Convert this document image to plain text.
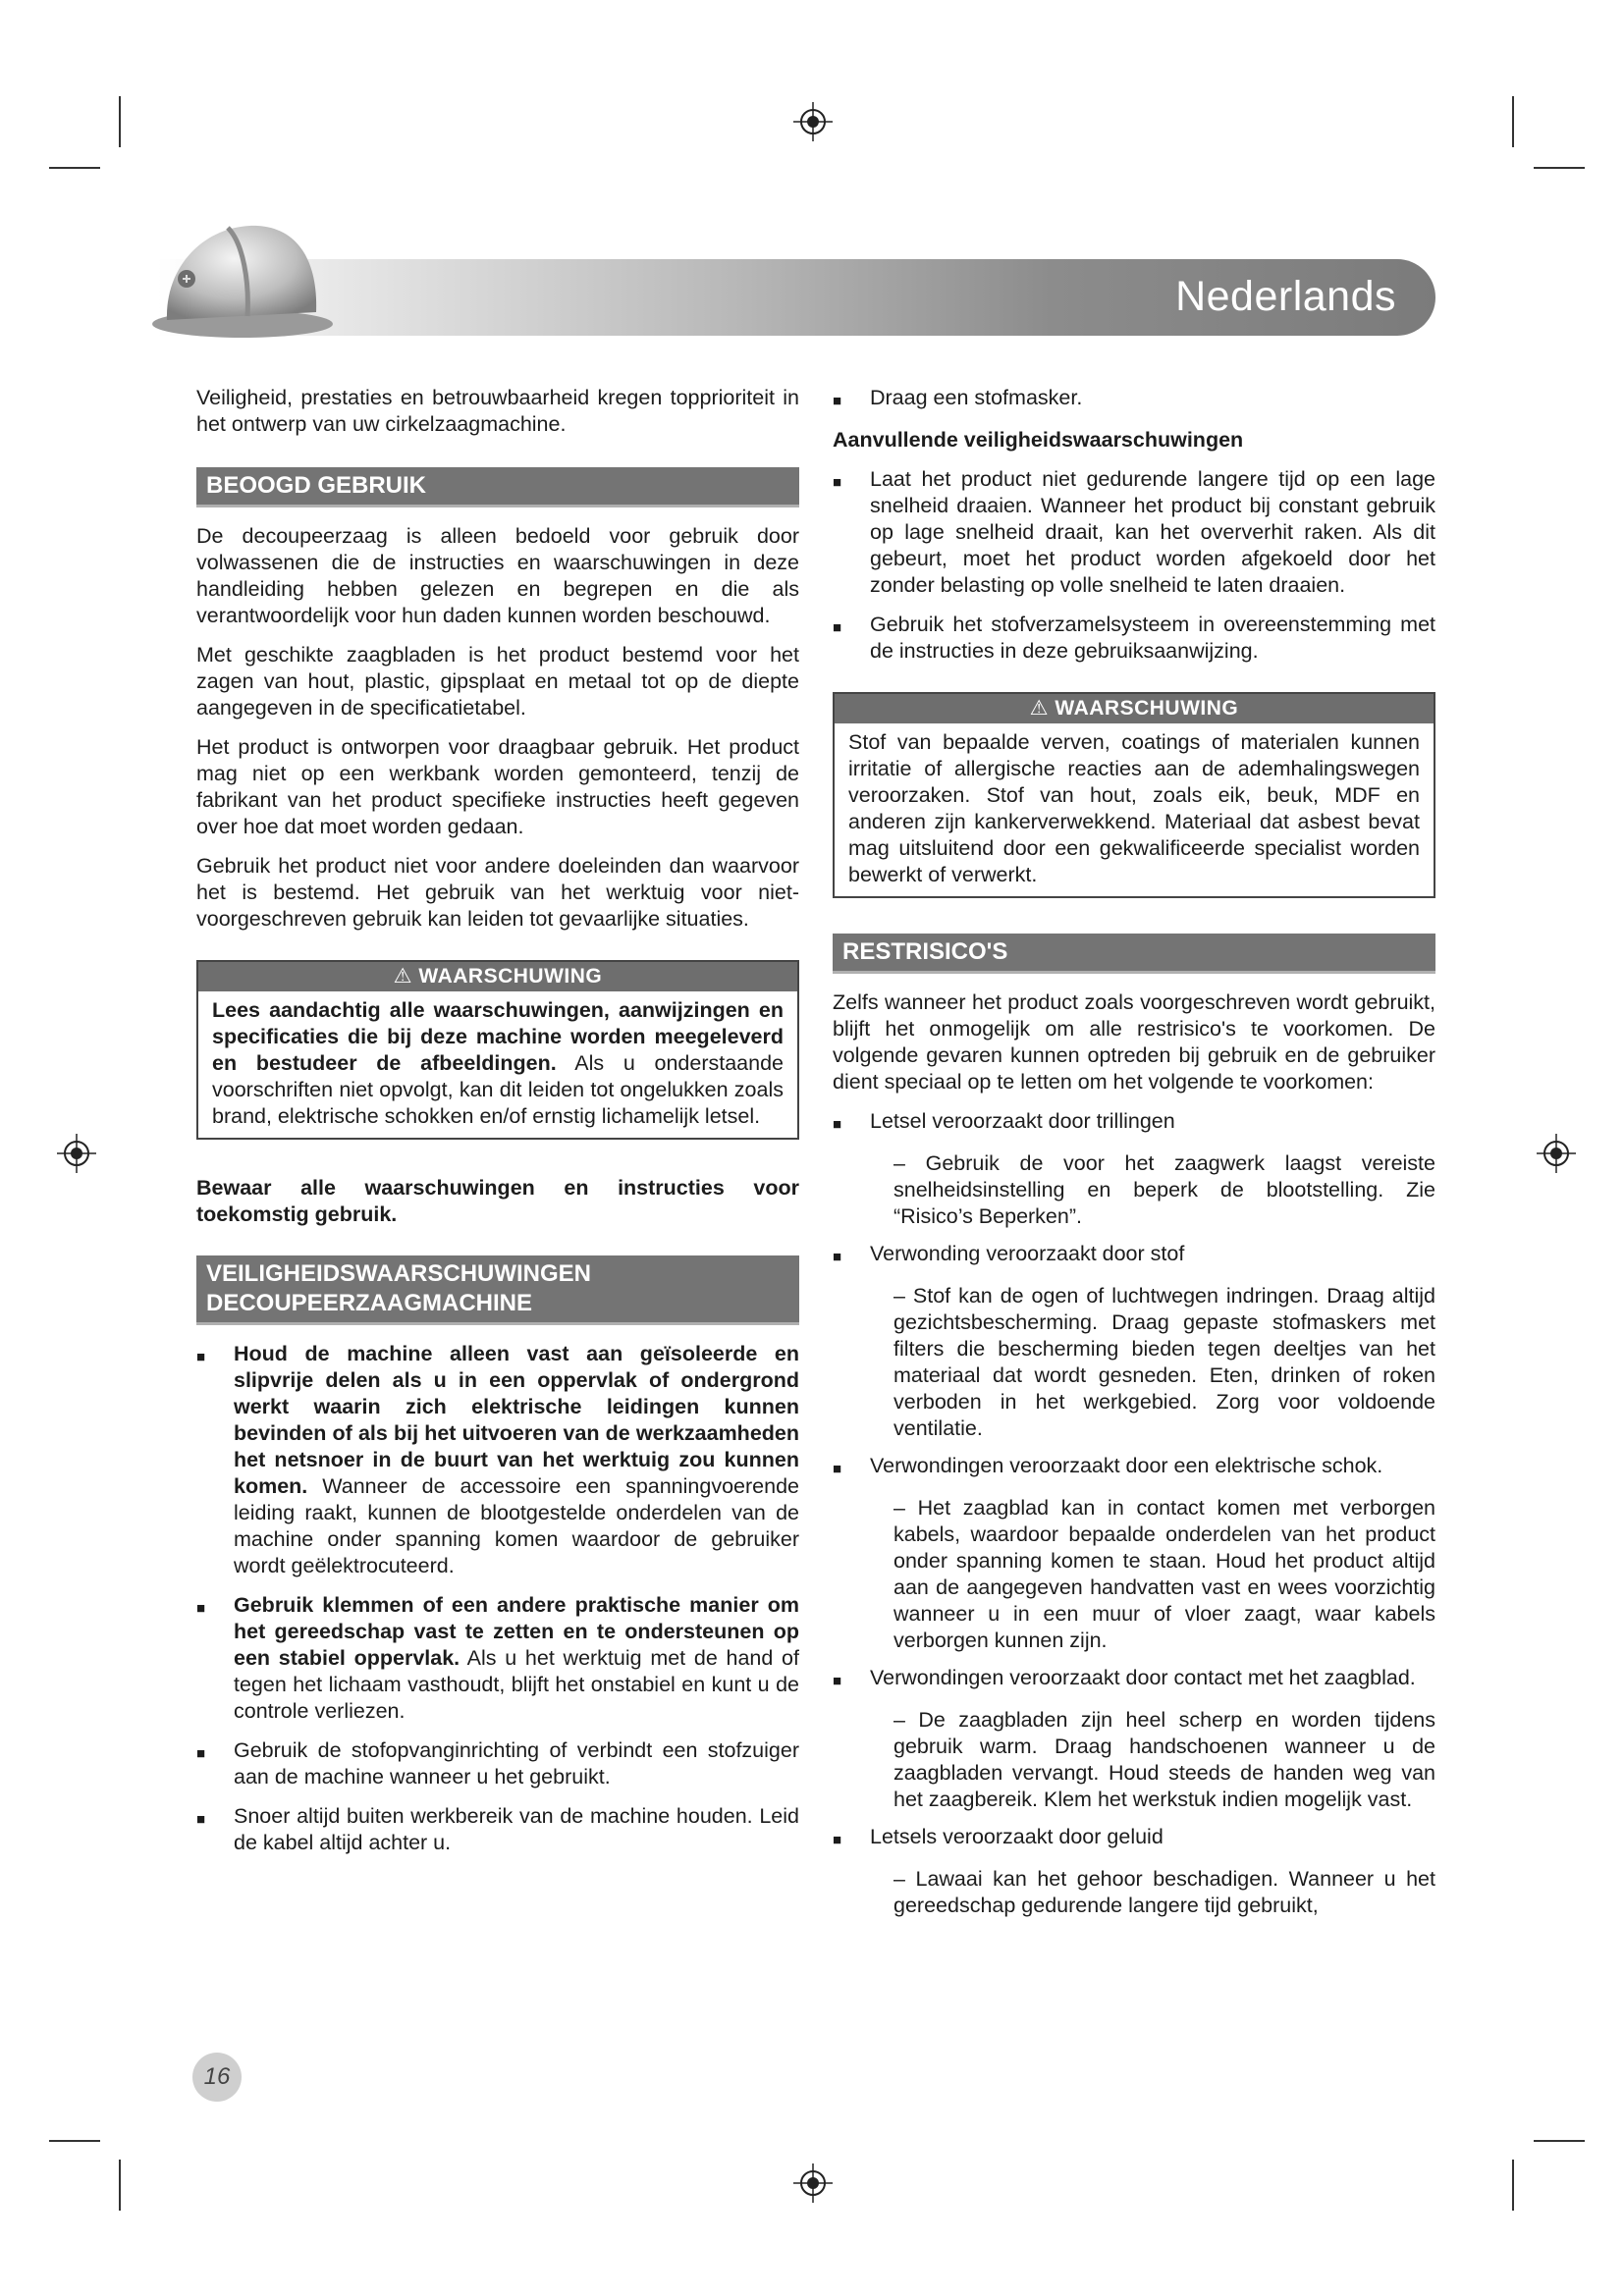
Nederlands

Veiligheid, prestaties en betrouwbaarheid kregen topprioriteit in het ontwerp van uw cirkelzaagmachine.

BEOOGD GEBRUIK

De decoupeerzaag is alleen bedoeld voor gebruik door volwassenen die de instructies en waarschuwingen in deze handleiding hebben gelezen en begrepen en die als verantwoordelijk voor hun daden kunnen worden beschouwd.

Met geschikte zaagbladen is het product bestemd voor het zagen van hout, plastic, gipsplaat en metaal tot op de diepte aangegeven in de specificatietabel.

Het product is ontworpen voor draagbaar gebruik. Het product mag niet op een werkbank worden gemonteerd, tenzij de fabrikant van het product specifieke instructies heeft gegeven over hoe dat moet worden gedaan.

Gebruik het product niet voor andere doeleinden dan waarvoor het is bestemd. Het gebruik van het werktuig voor niet-voorgeschreven gebruik kan leiden tot gevaarlijke situaties.

⚠ WAARSCHUWING
Lees aandachtig alle waarschuwingen, aanwijzingen en specificaties die bij deze machine worden meegeleverd en bestudeer de afbeeldingen. Als u onderstaande voorschriften niet opvolgt, kan dit leiden tot ongelukken zoals brand, elektrische schokken en/of ernstig lichamelijk letsel.

Bewaar alle waarschuwingen en instructies voor toekomstig gebruik.

VEILIGHEIDSWAARSCHUWINGEN DECOUPEERZAAGMACHINE
■	Houd de machine alleen vast aan geïsoleerde en slipvrije delen als u in een oppervlak of ondergrond werkt waarin zich elektrische leidingen kunnen bevinden of als bij het uitvoeren van de werkzaamheden het netsnoer in de buurt van het werktuig zou kunnen komen. Wanneer de accessoire een spanningvoerende leiding raakt, kunnen de blootgestelde onderdelen van de machine onder spanning komen waardoor de gebruiker wordt geëlektrocuteerd.
■	Gebruik klemmen of een andere praktische manier om het gereedschap vast te zetten en te ondersteunen op een stabiel oppervlak. Als u het werktuig met de hand of tegen het lichaam vasthoudt, blijft het onstabiel en kunt u de controle verliezen.
■	Gebruik de stofopvanginrichting of verbindt een stofzuiger aan de machine wanneer u het gebruikt.
■	Snoer altijd buiten werkbereik van de machine houden. Leid de kabel altijd achter u.
■	Draag een stofmasker.

Aanvullende veiligheidswaarschuwingen

■	Laat het product niet gedurende langere tijd op een lage snelheid draaien. Wanneer het product bij constant gebruik op lage snelheid draait, kan het oververhit raken. Als dit gebeurt, moet het product worden afgekoeld door het zonder belasting op volle snelheid te laten draaien.
■	Gebruik het stofverzamelsysteem in overeenstemming met de instructies in deze gebruiksaanwijzing.
⚠ WAARSCHUWING
Stof van bepaalde verven, coatings of materialen kunnen irritatie of allergische reacties aan de ademhalingswegen veroorzaken. Stof van hout, zoals eik, beuk, MDF en anderen zijn kankerverwekkend. Materiaal dat asbest bevat mag uitsluitend door een gekwalificeerde specialist worden bewerkt of verwerkt.
RESTRISICO'S

Zelfs wanneer het product zoals voorgeschreven wordt gebruikt, blijft het onmogelijk om alle restrisico's te voorkomen. De volgende gevaren kunnen optreden bij gebruik en de gebruiker dient speciaal op te letten om het volgende te voorkomen:

■	Letsel veroorzaakt door trillingen

– Gebruik de voor het zaagwerk laagst vereiste snelheidsinstelling en beperk de blootstelling. Zie “Risico’s Beperken”.

■	Verwonding veroorzaakt door stof

– Stof kan de ogen of luchtwegen indringen. Draag altijd gezichtsbescherming. Draag gepaste stofmaskers met filters die bescherming bieden tegen deeltjes van het materiaal dat wordt gesneden. Eten, drinken of roken verboden in het werkgebied. Zorg voor voldoende ventilatie.

■	Verwondingen veroorzaakt door een elektrische schok.

– Het zaagblad kan in contact komen met verborgen kabels, waardoor bepaalde onderdelen van het product onder spanning komen te staan. Houd het product altijd aan de aangegeven handvatten vast en wees voorzichtig wanneer u in een muur of vloer zaagt, waar kabels verborgen kunnen zijn.

■	Verwondingen veroorzaakt door contact met het zaagblad.

– De zaagbladen zijn heel scherp en worden tijdens gebruik warm. Draag handschoenen wanneer u de zaagbladen vervangt. Houd steeds de handen weg van het zaagbereik. Klem het werkstuk indien mogelijk vast.

■	Letsels veroorzaakt door geluid

– Lawaai kan het gehoor beschadigen. Wanneer u het gereedschap gedurende langere tijd gebruikt,

16
